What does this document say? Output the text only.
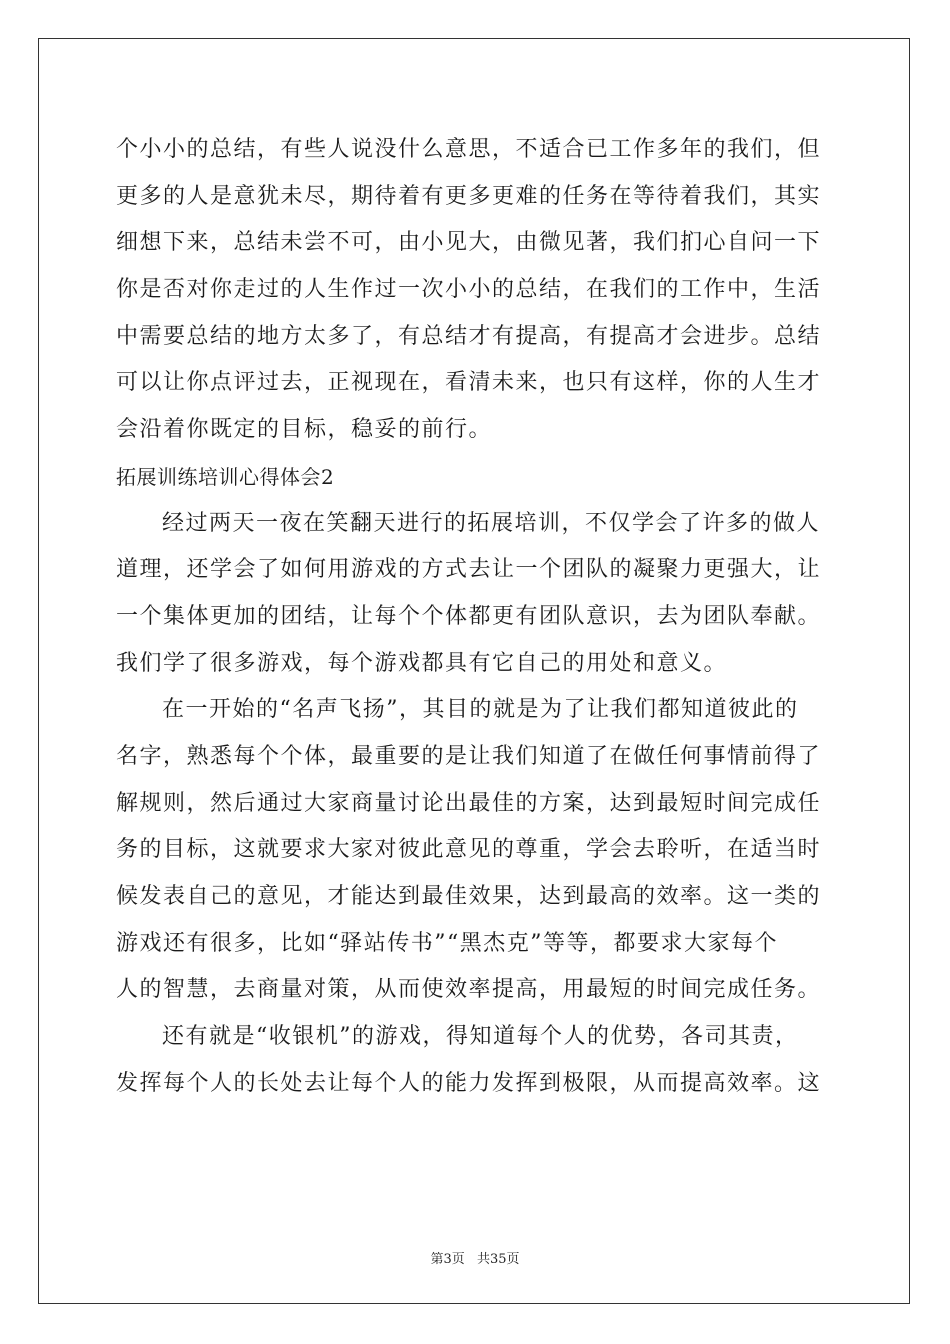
个小小的总结，有些人说没什么意思，不适合已工作多年的我们，但
更多的人是意犹未尽，期待着有更多更难的任务在等待着我们，其实
细想下来，总结未尝不可，由小见大，由微见著，我们扪心自问一下
你是否对你走过的人生作过一次小小的总结，在我们的工作中，生活
中需要总结的地方太多了，有总结才有提高，有提高才会进步。总结
可以让你点评过去，正视现在，看清未来，也只有这样，你的人生才
会沿着你既定的目标，稳妥的前行。
拓展训练培训心得体会2
经过两天一夜在笑翻天进行的拓展培训，不仅学会了许多的做人
道理，还学会了如何用游戏的方式去让一个团队的凝聚力更强大，让
一个集体更加的团结，让每个个体都更有团队意识，去为团队奉献。
我们学了很多游戏，每个游戏都具有它自己的用处和意义。
在一开始的“名声飞扬”，其目的就是为了让我们都知道彼此的
名字，熟悉每个个体，最重要的是让我们知道了在做任何事情前得了
解规则，然后通过大家商量讨论出最佳的方案，达到最短时间完成任
务的目标，这就要求大家对彼此意见的尊重，学会去聆听，在适当时
候发表自己的意见，才能达到最佳效果，达到最高的效率。这一类的
游戏还有很多，比如“驿站传书”“黑杰克”等等，都要求大家每个
人的智慧，去商量对策，从而使效率提高，用最短的时间完成任务。
还有就是“收银机”的游戏，得知道每个人的优势，各司其责，
发挥每个人的长处去让每个人的能力发挥到极限，从而提高效率。这
第3页 共35页
